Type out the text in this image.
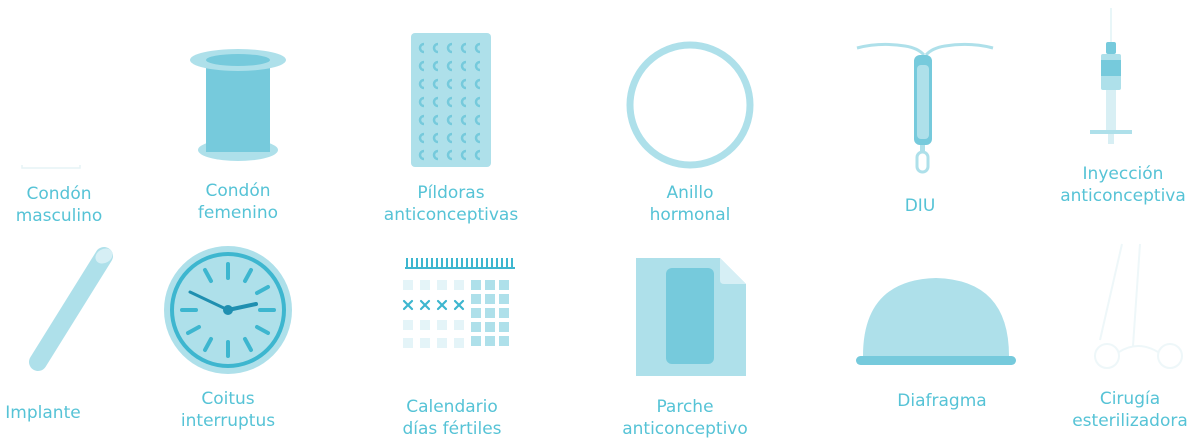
Condón
masculino
Condón
femenino
Píldoras
anticonceptivas
Anillo
hormonal	DIU
Inyección
anticonceptiva
Implante
Coitus
interruptus
Calendario
días fértiles
Parche
anticonceptivo
Diafragma	Cirugía
esterilizadora
